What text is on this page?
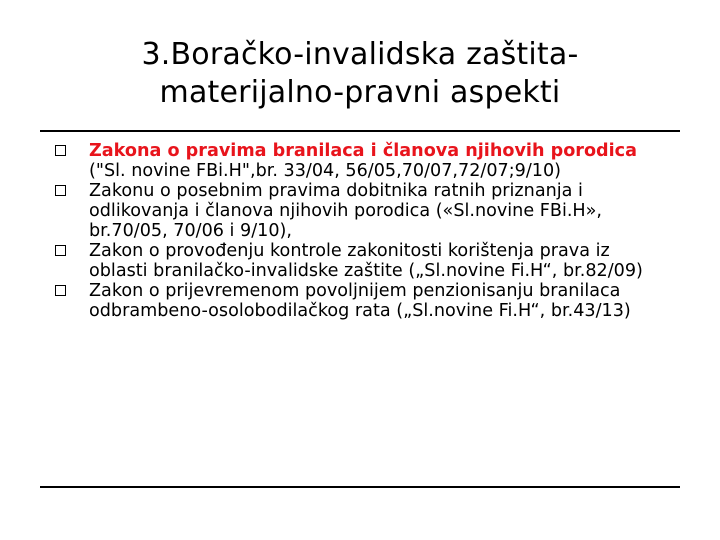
3.Boračko-invalidska zaštita-
materijalno-pravni aspekti
Zakona o pravima branilaca i članova njihovih porodica ("Sl. novine FBi.H",br. 33/04, 56/05,70/07,72/07;9/10)
Zakonu o posebnim pravima dobitnika ratnih priznanja i odlikovanja i članova njihovih porodica («Sl.novine FBi.H», br.70/05, 70/06 i 9/10),
Zakon o provođenju kontrole zakonitosti korištenja prava iz oblasti branilačko-invalidske zaštite („Sl.novine Fi.H“, br.82/09)
Zakon o prijevremenom povoljnijem penzionisanju branilaca odbrambeno-osolobodilačkog rata („Sl.novine Fi.H“, br.43/13)
